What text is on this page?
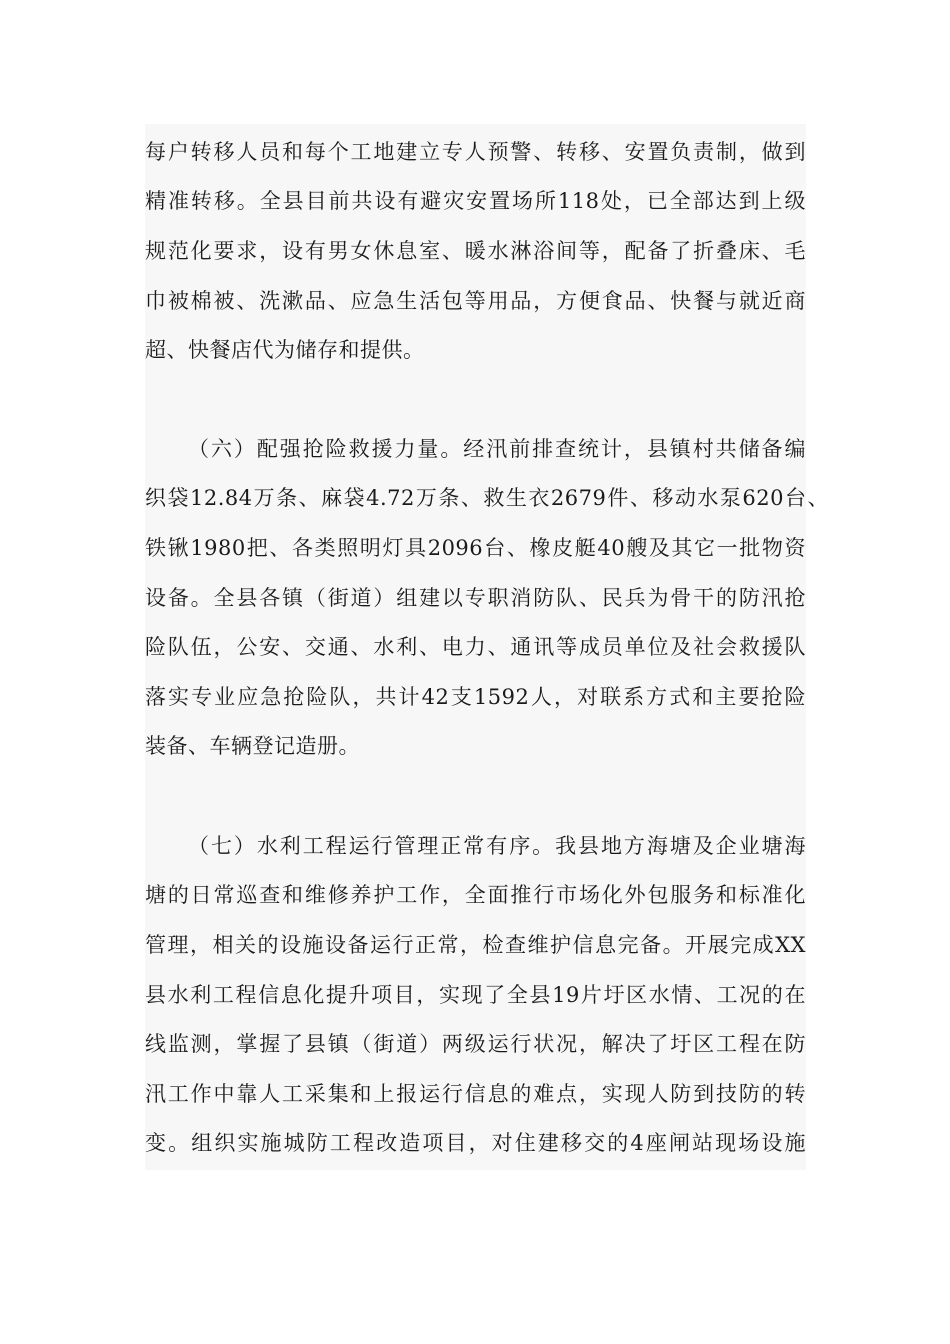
每户转移人员和每个工地建立专人预警、转移、安置负责制，做到
精准转移。全县目前共设有避灾安置场所118处，已全部达到上级
规范化要求，设有男女休息室、暖水淋浴间等，配备了折叠床、毛
巾被棉被、洗漱品、应急生活包等用品，方便食品、快餐与就近商
超、快餐店代为储存和提供。
（六）配强抢险救援力量。经汛前排查统计，县镇村共储备编
织袋12.84万条、麻袋4.72万条、救生衣2679件、移动水泵620台、
铁锹1980把、各类照明灯具2096台、橡皮艇40艘及其它一批物资
设备。全县各镇（街道）组建以专职消防队、民兵为骨干的防汛抢
险队伍，公安、交通、水利、电力、通讯等成员单位及社会救援队
落实专业应急抢险队，共计42支1592人，对联系方式和主要抢险
装备、车辆登记造册。
（七）水利工程运行管理正常有序。我县地方海塘及企业塘海
塘的日常巡查和维修养护工作，全面推行市场化外包服务和标准化
管理，相关的设施设备运行正常，检查维护信息完备。开展完成XX
县水利工程信息化提升项目，实现了全县19片圩区水情、工况的在
线监测，掌握了县镇（街道）两级运行状况，解决了圩区工程在防
汛工作中靠人工采集和上报运行信息的难点，实现人防到技防的转
变。组织实施城防工程改造项目，对住建移交的4座闸站现场设施
